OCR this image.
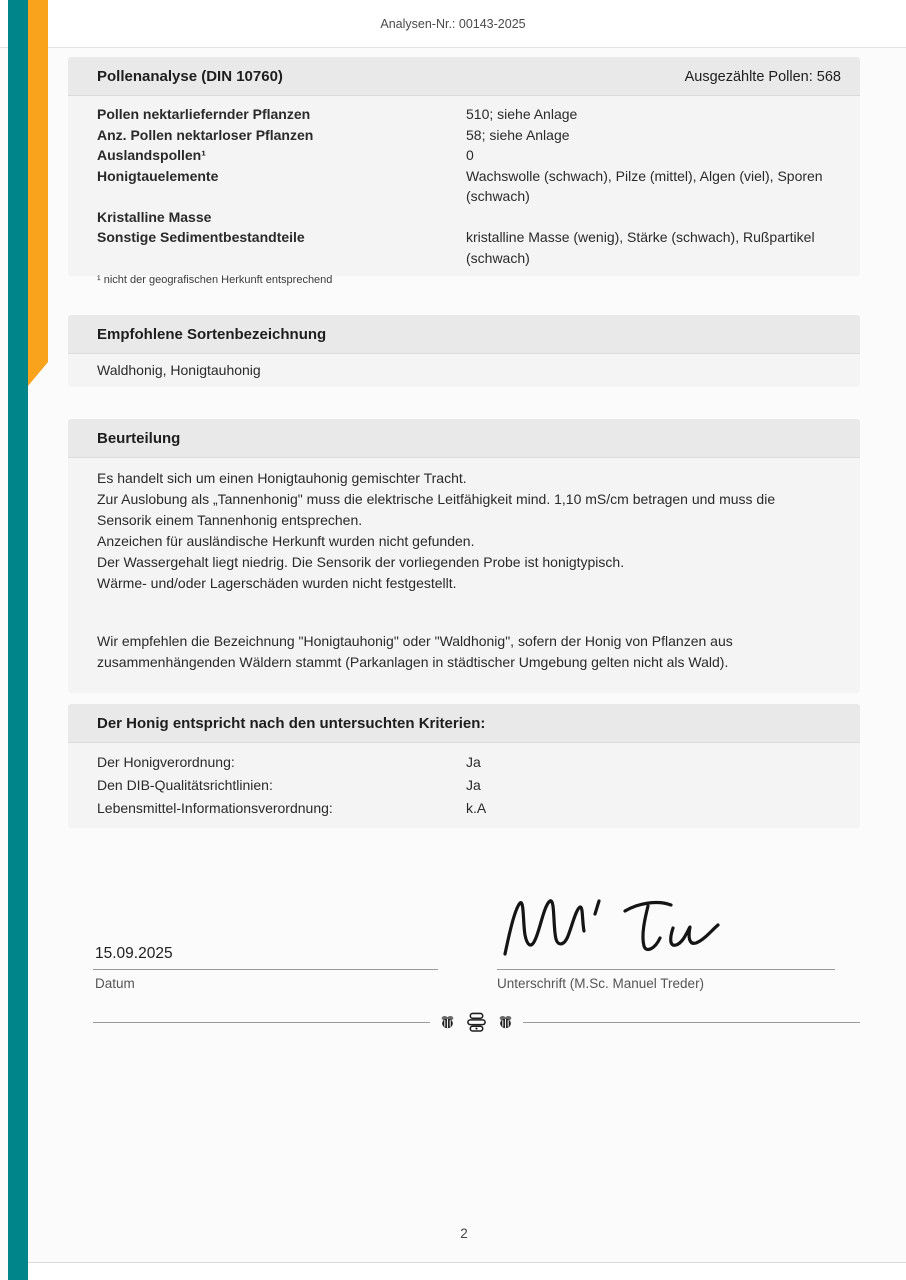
Analysen-Nr.: 00143-2025
Pollenanalyse (DIN 10760)	Ausgezählte Pollen: 568
Pollen nektarliefernder Pflanzen	510; siehe Anlage
Anz. Pollen nektarloser Pflanzen	58; siehe Anlage
Auslandspollen¹	0
Honigtauelemente	Wachswolle (schwach), Pilze (mittel), Algen (viel), Sporen (schwach)
Kristalline Masse
Sonstige Sedimentbestandteile	kristalline Masse (wenig), Stärke (schwach), Rußpartikel (schwach)
¹ nicht der geografischen Herkunft entsprechend
Empfohlene Sortenbezeichnung
Waldhonig, Honigtauhonig
Beurteilung

Es handelt sich um einen Honigtauhonig gemischter Tracht.

Zur Auslobung als „Tannenhonig" muss die elektrische Leitfähigkeit mind. 1,10 mS/cm betragen und muss die Sensorik einem Tannenhonig entsprechen.

Anzeichen für ausländische Herkunft wurden nicht gefunden.

Der Wassergehalt liegt niedrig. Die Sensorik der vorliegenden Probe ist honigtypisch.

Wärme- und/oder Lagerschäden wurden nicht festgestellt.

Wir empfehlen die Bezeichnung "Honigtauhonig" oder "Waldhonig", sofern der Honig von Pflanzen aus zusammenhängenden Wäldern stammt (Parkanlagen in städtischer Umgebung gelten nicht als Wald).

Der Honig entspricht nach den untersuchten Kriterien:
Der Honigverordnung:	Ja
Den DIB-Qualitätsrichtlinien:	Ja
Lebensmittel-Informationsverordnung:	k.A
15.09.2025
Datum	Unterschrift (M.Sc. Manuel Treder)
2
